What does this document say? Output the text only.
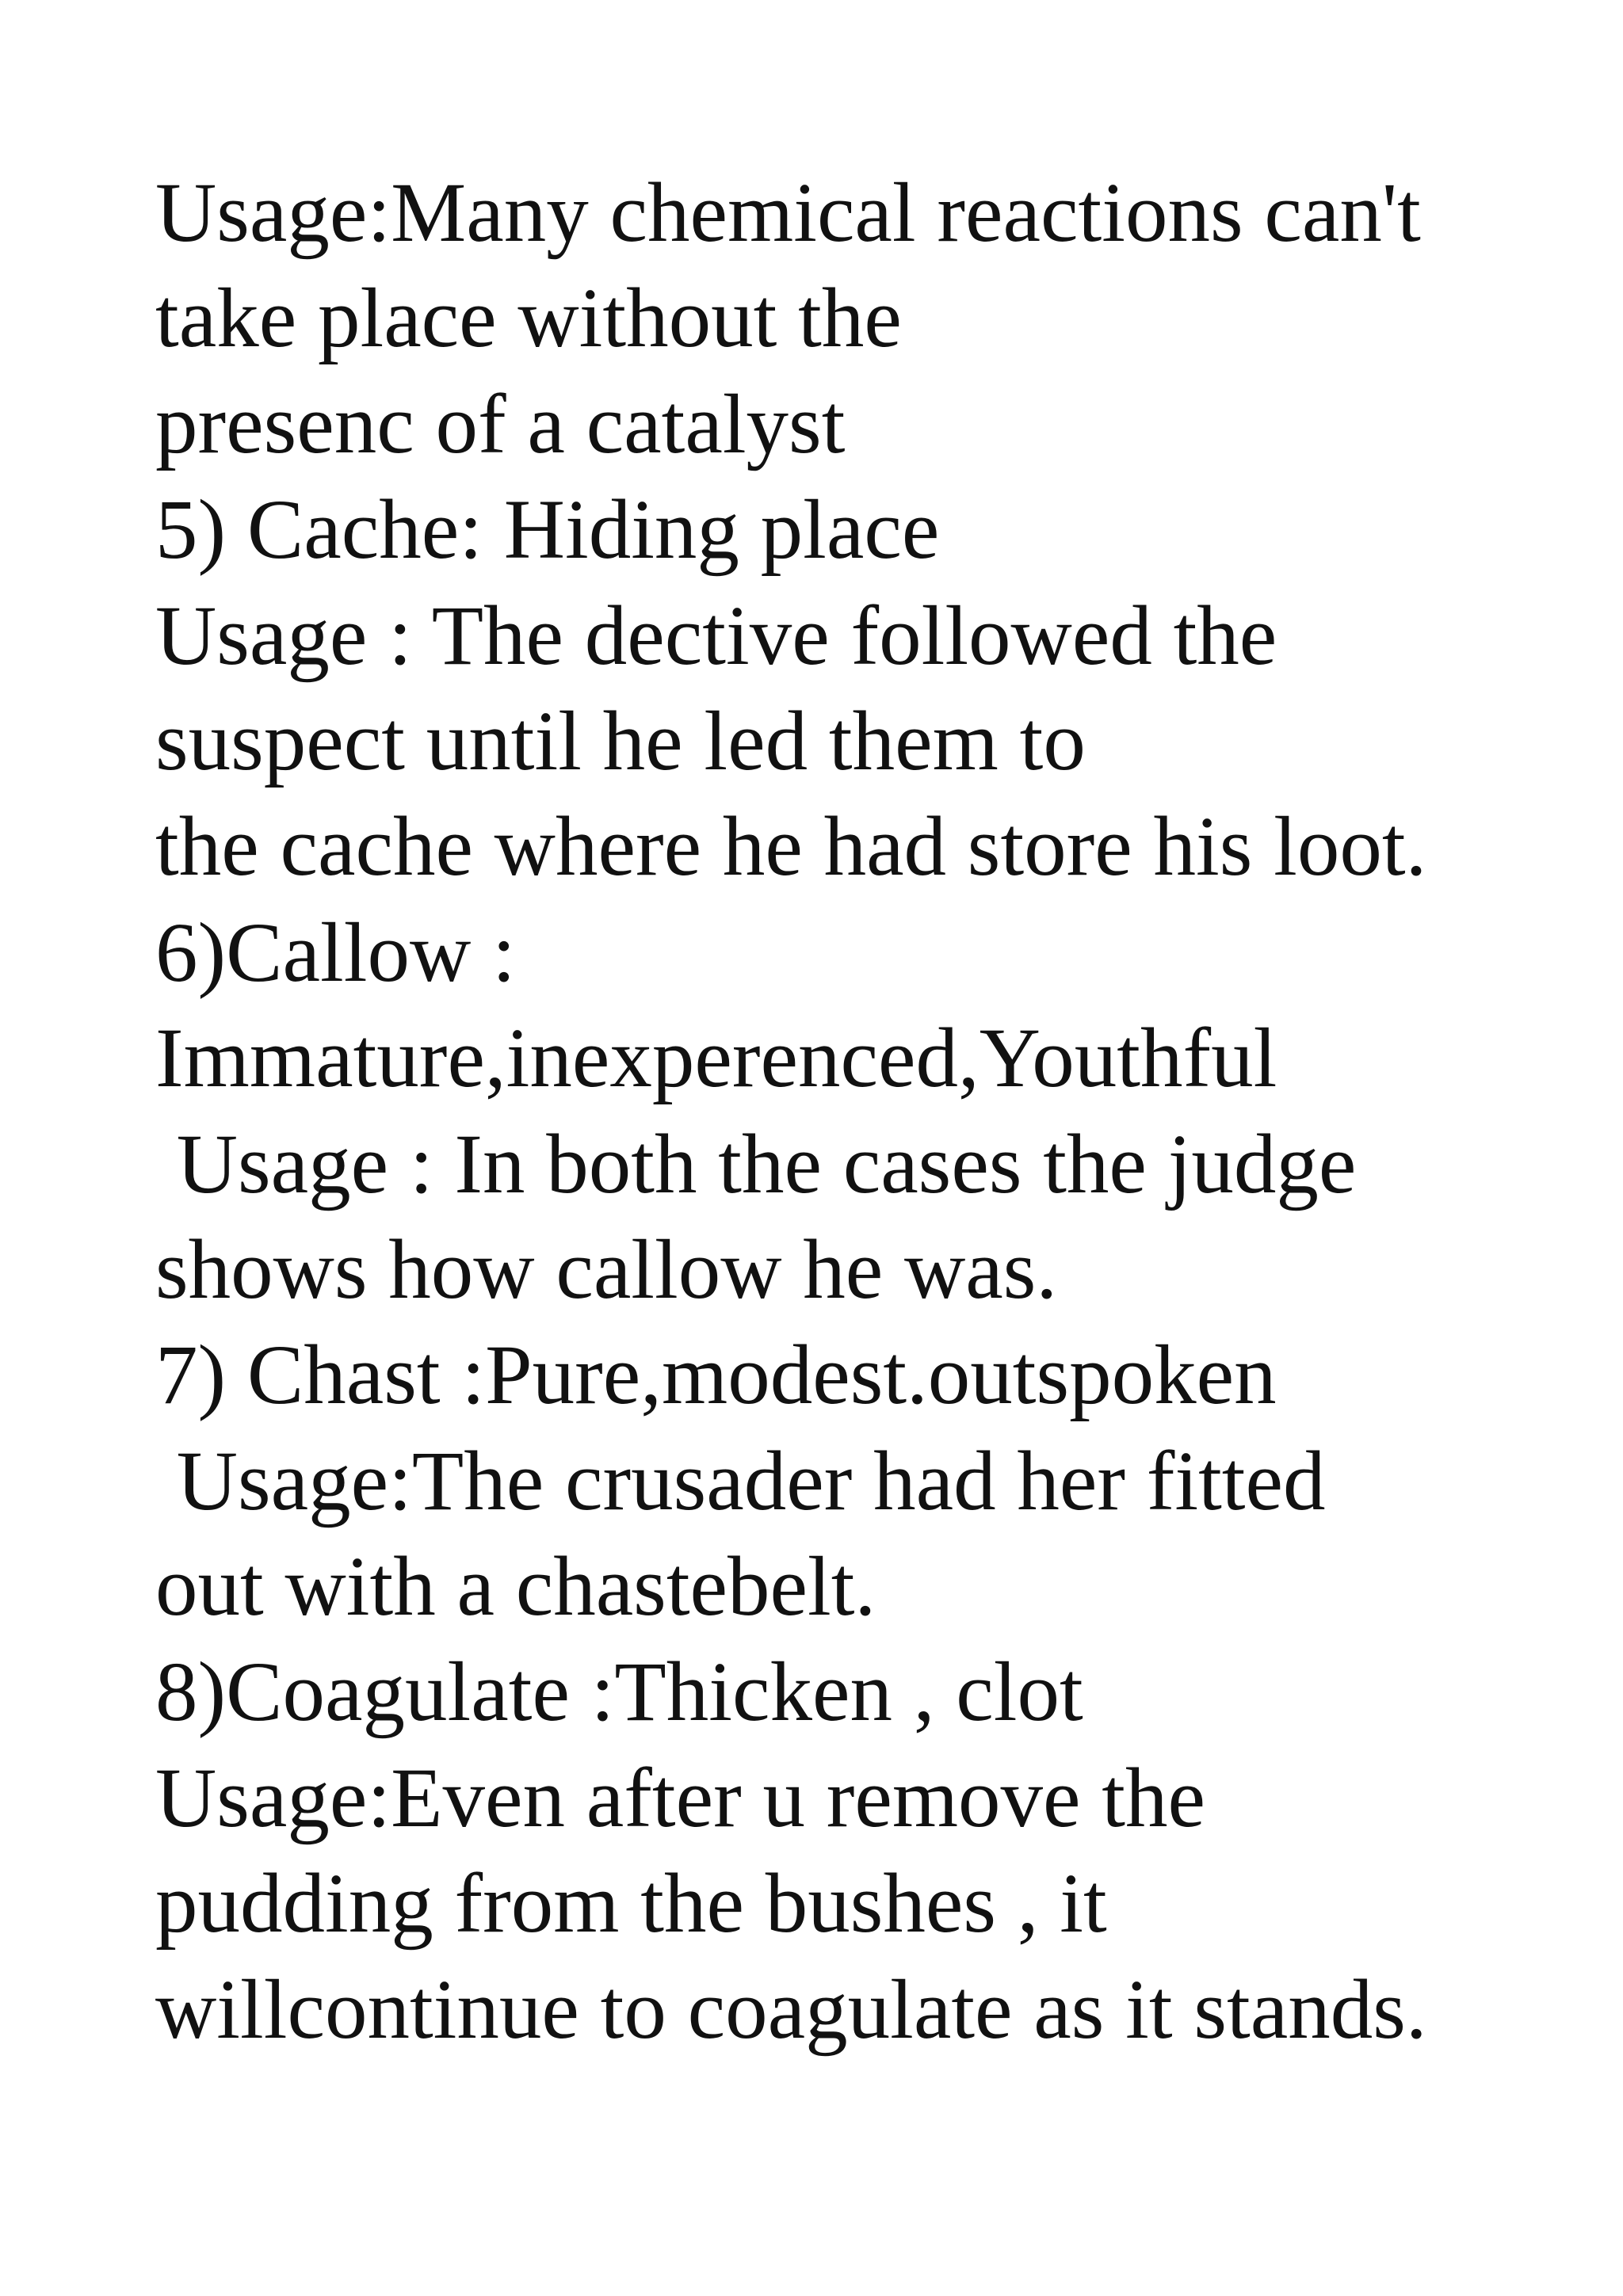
Usage:Many chemical reactions can't
take place without the
presenc of a catalyst
5) Cache: Hiding place
Usage : The dective followed the
suspect until he led them to
the cache where he had store his loot.
6)Callow :
Immature,inexperenced,Youthful
Usage : In both the cases the judge
shows how callow he was.
7) Chast :Pure,modest.outspoken
Usage:The crusader had her fitted
out with a chastebelt.
8)Coagulate :Thicken , clot
Usage:Even after u remove the
pudding from the bushes , it
willcontinue to coagulate as it stands.
